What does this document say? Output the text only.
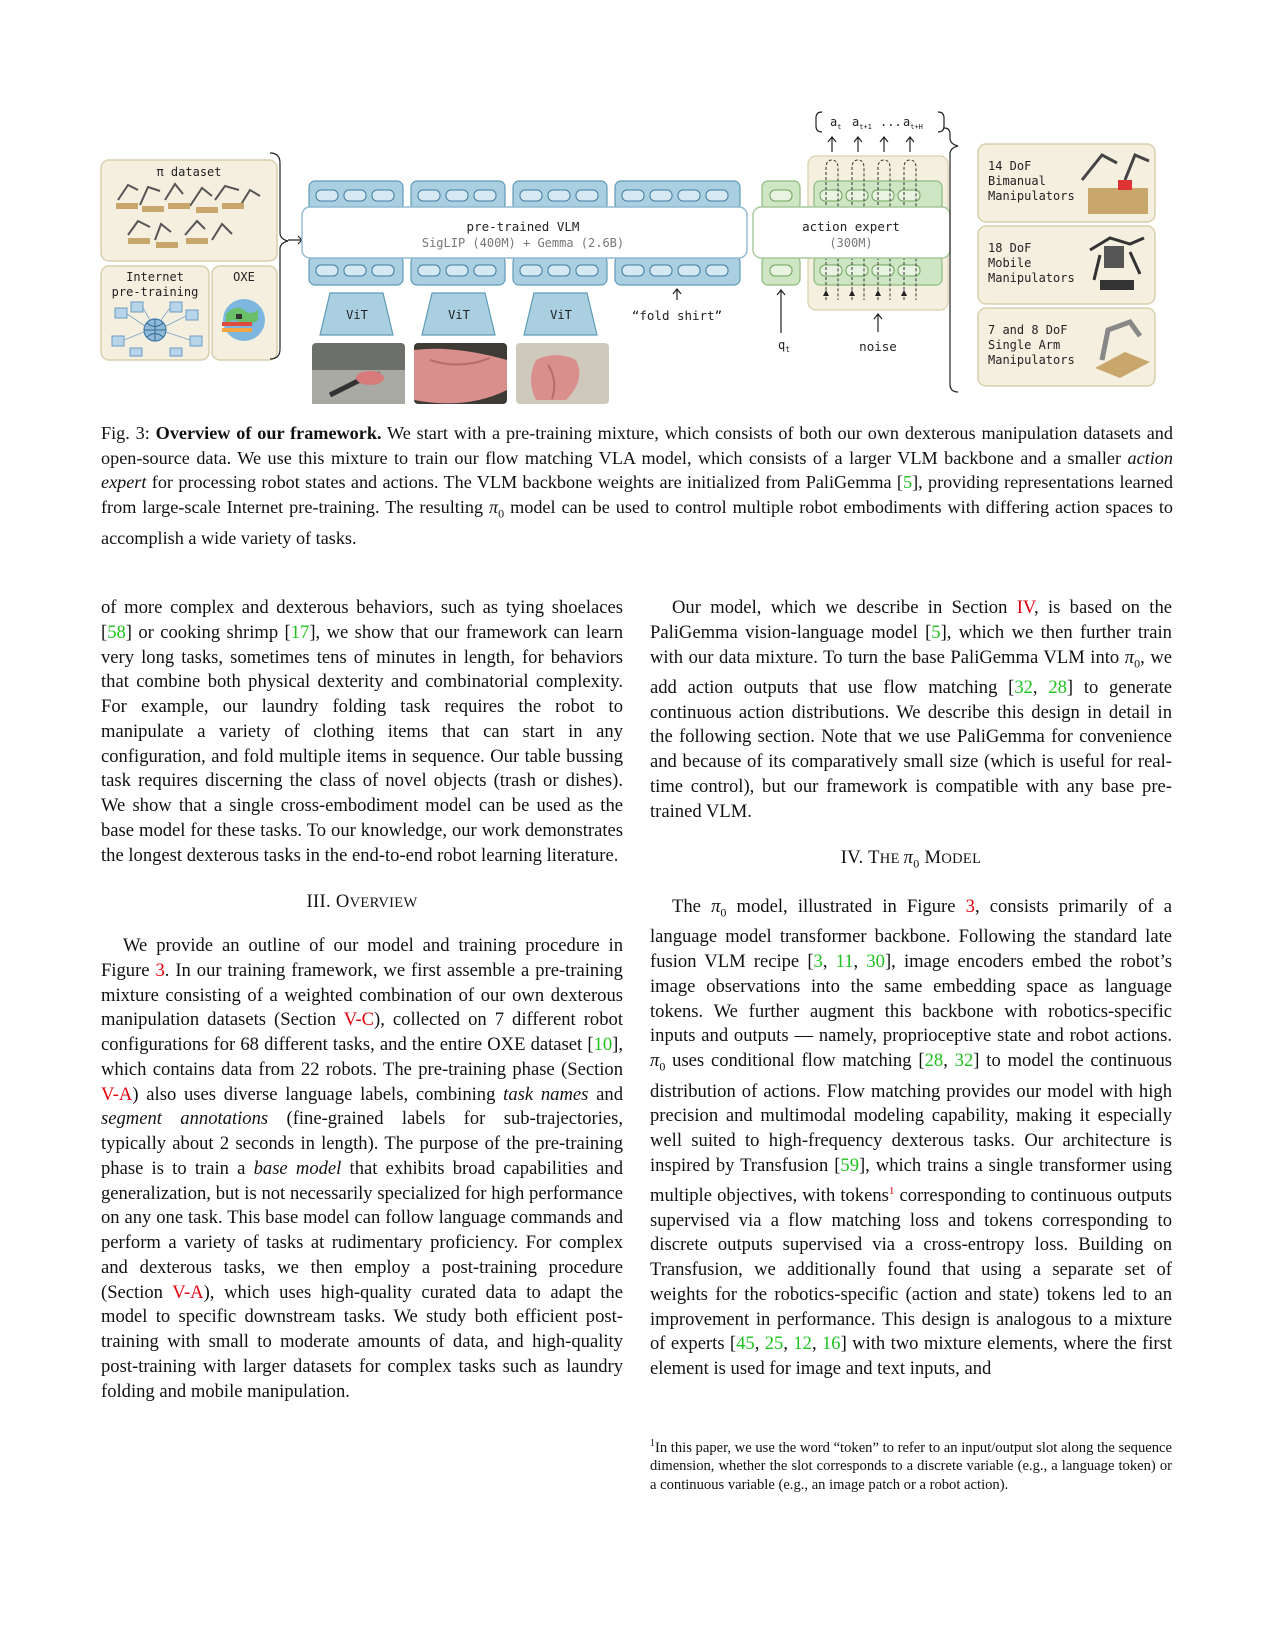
π dataset
Internet
pre-training
OXE
pre-trained VLM
SigLIP (400M) + Gemma (2.6B)
action expert
(300M)
ViT	ViT	ViT	“fold shirt”
$q_t$	noise
$a_t$ $a_{t+1}$ ... $a_{t+H}$
14 DoF
Bimanual
Manipulators
18 DoF
Mobile
Manipulators
7 and 8 DoF
Single Arm
Manipulators
Fig. 3: Overview of our framework. We start with a pre-training mixture, which consists of both our own dexterous manipulation datasets and open-source data. We use this mixture to train our flow matching VLA model, which consists of a larger VLM backbone and a smaller action expert for processing robot states and actions. The VLM backbone weights are initialized from PaliGemma [5], providing representations learned from large-scale Internet pre-training. The resulting $\pi_0$ model can be used to control multiple robot embodiments with differing action spaces to accomplish a wide variety of tasks.

of more complex and dexterous behaviors, such as tying shoelaces [58] or cooking shrimp [17], we show that our framework can learn very long tasks, sometimes tens of minutes in length, for behaviors that combine both physical dexterity and combinatorial complexity. For example, our laundry folding task requires the robot to manipulate a variety of clothing items that can start in any configuration, and fold multiple items in sequence. Our table bussing task requires discerning the class of novel objects (trash or dishes). We show that a single cross-embodiment model can be used as the base model for these tasks. To our knowledge, our work demonstrates the longest dexterous tasks in the end-to-end robot learning literature.

III. OVERVIEW

We provide an outline of our model and training procedure in Figure 3. In our training framework, we first assemble a pre-training mixture consisting of a weighted combination of our own dexterous manipulation datasets (Section V-C), collected on 7 different robot configurations for 68 different tasks, and the entire OXE dataset [10], which contains data from 22 robots. The pre-training phase (Section V-A) also uses diverse language labels, combining task names and segment annotations (fine-grained labels for sub-trajectories, typically about 2 seconds in length). The purpose of the pre-training phase is to train a base model that exhibits broad capabilities and generalization, but is not necessarily specialized for high performance on any one task. This base model can follow language commands and perform a variety of tasks at rudimentary proficiency. For complex and dexterous tasks, we then employ a post-training procedure (Section V-A), which uses high-quality curated data to adapt the model to specific downstream tasks. We study both efficient post-training with small to moderate amounts of data, and high-quality post-training with larger datasets for complex tasks such as laundry folding and mobile manipulation.

Our model, which we describe in Section IV, is based on the PaliGemma vision-language model [5], which we then further train with our data mixture. To turn the base PaliGemma VLM into $\pi_0$, we add action outputs that use flow matching [32, 28] to generate continuous action distributions. We describe this design in detail in the following section. Note that we use PaliGemma for convenience and because of its comparatively small size (which is useful for real-time control), but our framework is compatible with any base pre-trained VLM.

IV. THE $\pi_0$ MODEL

The $\pi_0$ model, illustrated in Figure 3, consists primarily of a language model transformer backbone. Following the standard late fusion VLM recipe [3, 11, 30], image encoders embed the robot’s image observations into the same embedding space as language tokens. We further augment this backbone with robotics-specific inputs and outputs — namely, proprioceptive state and robot actions. $\pi_0$ uses conditional flow matching [28, 32] to model the continuous distribution of actions. Flow matching provides our model with high precision and multimodal modeling capability, making it especially well suited to high-frequency dexterous tasks. Our architecture is inspired by Transfusion [59], which trains a single transformer using multiple objectives, with tokens$^1$ corresponding to continuous outputs supervised via a flow matching loss and tokens corresponding to discrete outputs supervised via a cross-entropy loss. Building on Transfusion, we additionally found that using a separate set of weights for the robotics-specific (action and state) tokens led to an improvement in performance. This design is analogous to a mixture of experts [45, 25, 12, 16] with two mixture elements, where the first element is used for image and text inputs, and

$^1$In this paper, we use the word “token” to refer to an input/output slot along the sequence dimension, whether the slot corresponds to a discrete variable (e.g., a language token) or a continuous variable (e.g., an image patch or a robot action).
